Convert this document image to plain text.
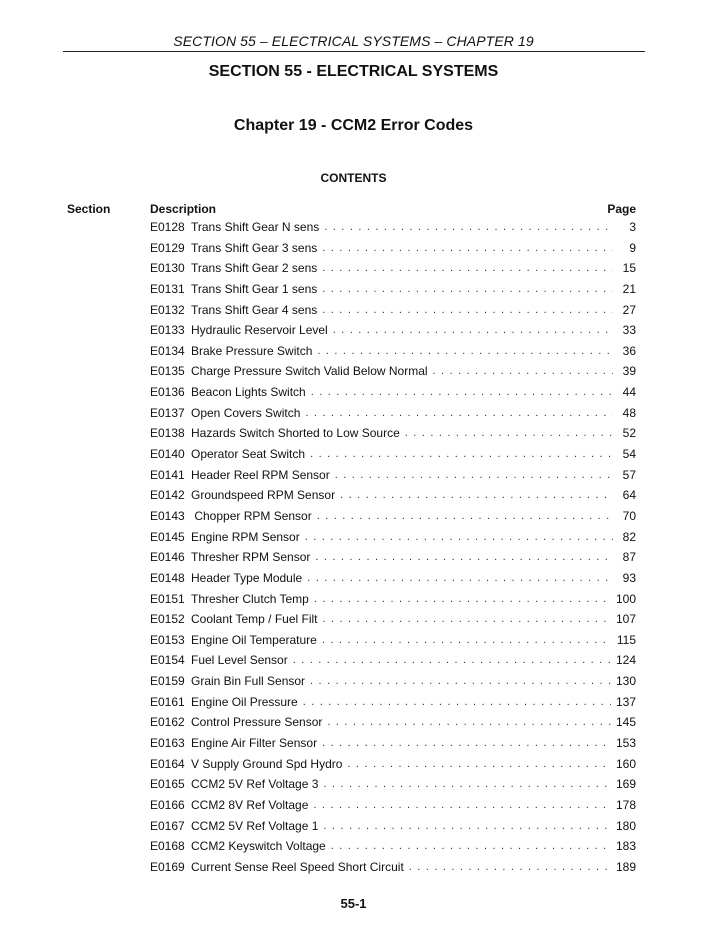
SECTION 55 – ELECTRICAL SYSTEMS – CHAPTER 19
SECTION 55 - ELECTRICAL SYSTEMS
Chapter 19 - CCM2 Error Codes
CONTENTS
Section	Description	Page
E0128 Trans Shift Gear N sens . . .	3
E0129 Trans Shift Gear 3 sens . . .	9
E0130 Trans Shift Gear 2 sens . . .	15
E0131 Trans Shift Gear 1 sens . . .	21
E0132 Trans Shift Gear 4 sens . . .	27
E0133 Hydraulic Reservoir Level . . .	33
E0134 Brake Pressure Switch . . .	36
E0135 Charge Pressure Switch Valid Below Normal . . .	39
E0136 Beacon Lights Switch . . .	44
E0137 Open Covers Switch . . .	48
E0138 Hazards Switch Shorted to Low Source . . .	52
E0140 Operator Seat Switch . . .	54
E0141 Header Reel RPM Sensor . . .	57
E0142 Groundspeed RPM Sensor . . .	64
E0143 Chopper RPM Sensor . . .	70
E0145 Engine RPM Sensor . . .	82
E0146 Thresher RPM Sensor . . .	87
E0148 Header Type Module . . .	93
E0151 Thresher Clutch Temp . . .	100
E0152 Coolant Temp / Fuel Filt . . .	107
E0153 Engine Oil Temperature . . .	115
E0154 Fuel Level Sensor . . .	124
E0159 Grain Bin Full Sensor . . .	130
E0161 Engine Oil Pressure . . .	137
E0162 Control Pressure Sensor . . .	145
E0163 Engine Air Filter Sensor . . .	153
E0164 V Supply Ground Spd Hydro . . .	160
E0165 CCM2 5V Ref Voltage 3 . . .	169
E0166 CCM2 8V Ref Voltage . . .	178
E0167 CCM2 5V Ref Voltage 1 . . .	180
E0168 CCM2 Keyswitch Voltage . . .	183
E0169 Current Sense Reel Speed Short Circuit . . .	189
55-1
